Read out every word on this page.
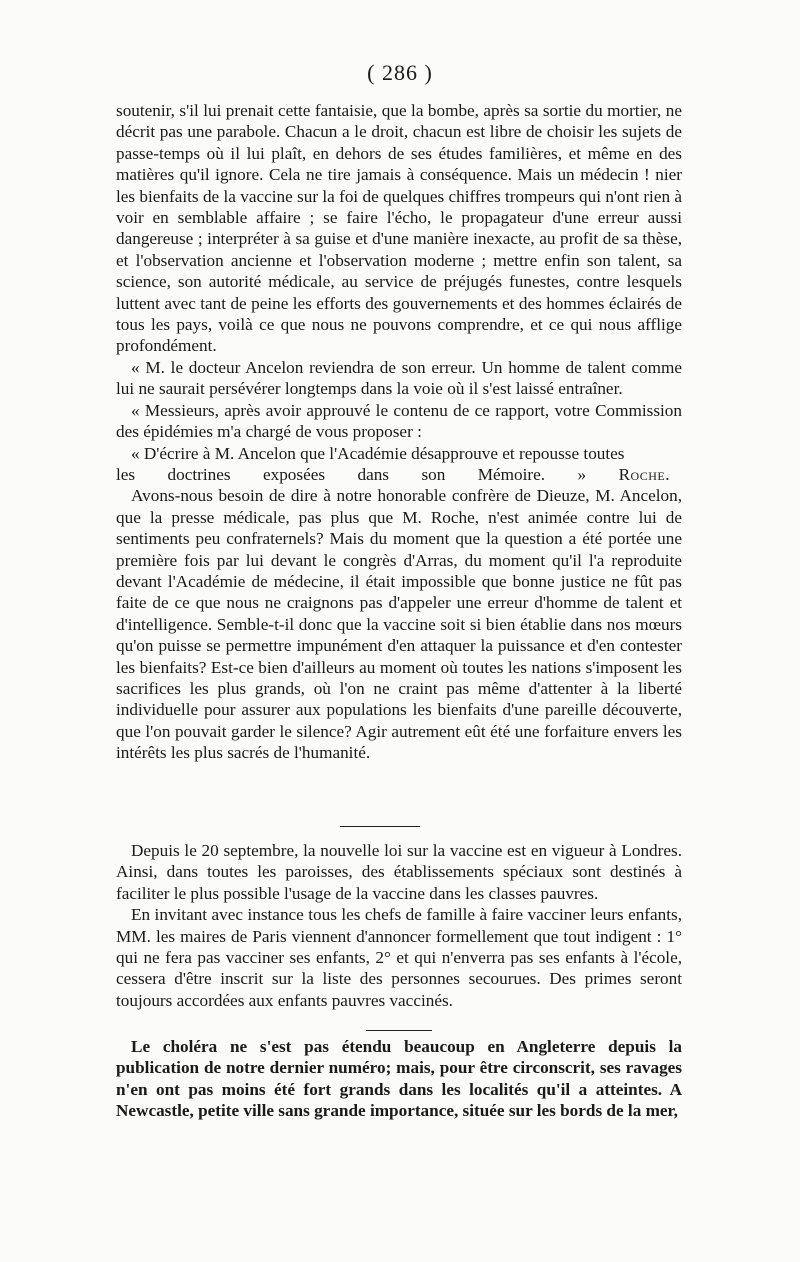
( 286 )

soutenir, s'il lui prenait cette fantaisie, que la bombe, après sa sortie du mortier, ne décrit pas une parabole. Chacun a le droit, chacun est libre de choisir les sujets de passe-temps où il lui plaît, en dehors de ses études familières, et même en des matières qu'il ignore. Cela ne tire jamais à conséquence. Mais un médecin ! nier les bienfaits de la vaccine sur la foi de quelques chiffres trompeurs qui n'ont rien à voir en semblable affaire ; se faire l'écho, le propagateur d'une erreur aussi dangereuse ; interpréter à sa guise et d'une manière inexacte, au profit de sa thèse, et l'observation ancienne et l'observation moderne ; mettre enfin son talent, sa science, son autorité médicale, au service de préjugés funestes, contre lesquels luttent avec tant de peine les efforts des gouvernements et des hommes éclairés de tous les pays, voilà ce que nous ne pouvons comprendre, et ce qui nous afflige profondément.

« M. le docteur Ancelon reviendra de son erreur. Un homme de talent comme lui ne saurait persévérer longtemps dans la voie où il s'est laissé entraîner.

« Messieurs, après avoir approuvé le contenu de ce rapport, votre Commission des épidémies m'a chargé de vous proposer :

« D'écrire à M. Ancelon que l'Académie désapprouve et repousse toutes

les doctrines exposées dans son Mémoire. » Roche.

Avons-nous besoin de dire à notre honorable confrère de Dieuze, M. Ancelon, que la presse médicale, pas plus que M. Roche, n'est animée contre lui de sentiments peu confraternels? Mais du moment que la question a été portée une première fois par lui devant le congrès d'Arras, du moment qu'il l'a reproduite devant l'Académie de médecine, il était impossible que bonne justice ne fût pas faite de ce que nous ne craignons pas d'appeler une erreur d'homme de talent et d'intelligence. Semble-t-il donc que la vaccine soit si bien établie dans nos mœurs qu'on puisse se permettre impunément d'en attaquer la puissance et d'en contester les bienfaits? Est-ce bien d'ailleurs au moment où toutes les nations s'imposent les sacrifices les plus grands, où l'on ne craint pas même d'attenter à la liberté individuelle pour assurer aux populations les bienfaits d'une pareille découverte, que l'on pouvait garder le silence? Agir autrement eût été une forfaiture envers les intérêts les plus sacrés de l'humanité.

Depuis le 20 septembre, la nouvelle loi sur la vaccine est en vigueur à Londres. Ainsi, dans toutes les paroisses, des établissements spéciaux sont destinés à faciliter le plus possible l'usage de la vaccine dans les classes pauvres.

En invitant avec instance tous les chefs de famille à faire vacciner leurs enfants, MM. les maires de Paris viennent d'annoncer formellement que tout indigent : 1° qui ne fera pas vacciner ses enfants, 2° et qui n'enverra pas ses enfants à l'école, cessera d'être inscrit sur la liste des personnes secourues. Des primes seront toujours accordées aux enfants pauvres vaccinés.

Le choléra ne s'est pas étendu beaucoup en Angleterre depuis la publication de notre dernier numéro; mais, pour être circonscrit, ses ravages n'en ont pas moins été fort grands dans les localités qu'il a atteintes. A Newcastle, petite ville sans grande importance, située sur les bords de la mer,
